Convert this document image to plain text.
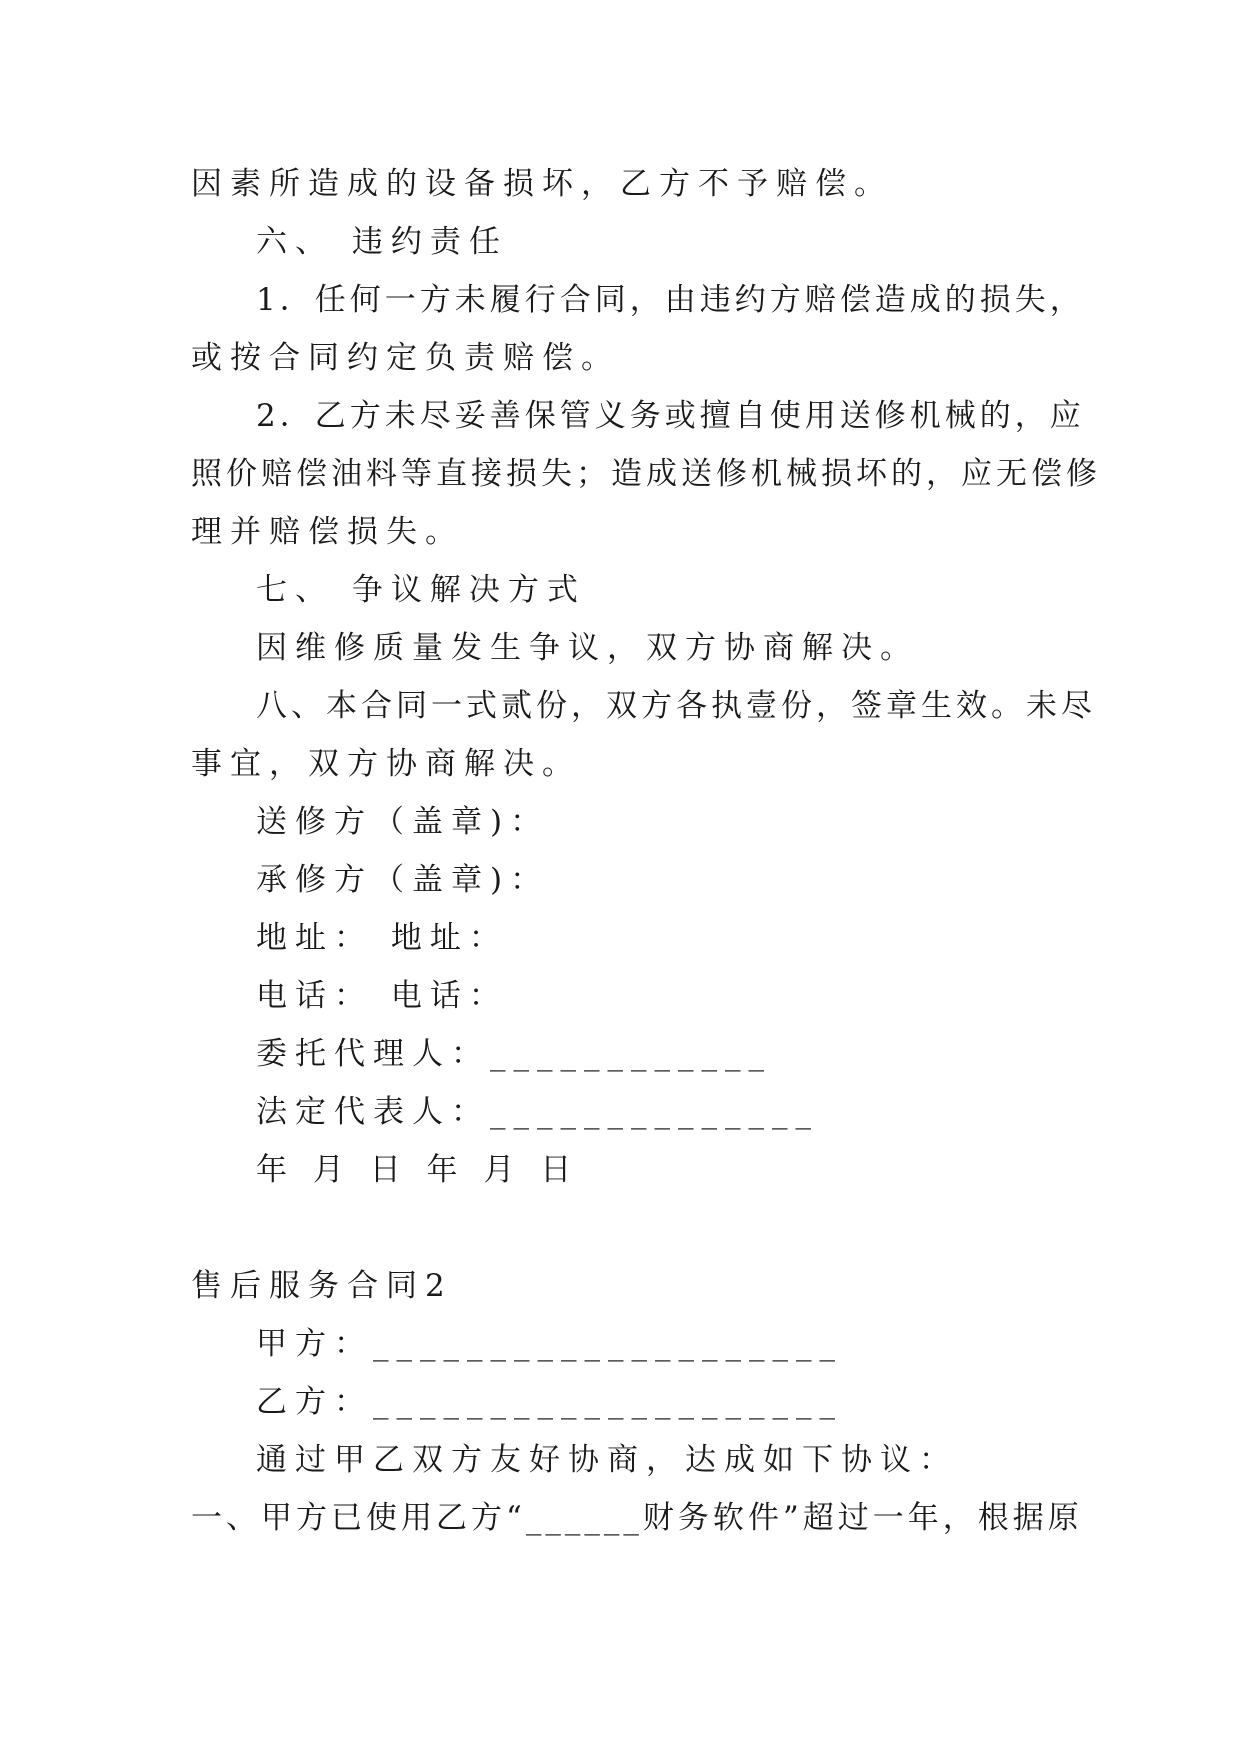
因素所造成的设备损坏，乙方不予赔偿。
六、 违约责任
1．任何一方未履行合同，由违约方赔偿造成的损失，
或按合同约定负责赔偿。
2．乙方未尽妥善保管义务或擅自使用送修机械的，应
照价赔偿油料等直接损失；造成送修机械损坏的，应无偿修
理并赔偿损失。
七、 争议解决方式
因维修质量发生争议，双方协商解决。
八、本合同一式贰份，双方各执壹份，签章生效。未尽
事宜，双方协商解决。
送修方（盖章)：
承修方（盖章)：
地址： 地址：
电话： 电话：
委托代理人：____________
法定代表人：______________
年 月 日 年 月 日
售后服务合同2
甲方：____________________
乙方：____________________
通过甲乙双方友好协商，达成如下协议：
一、甲方已使用乙方“______财务软件”超过一年，根据原
